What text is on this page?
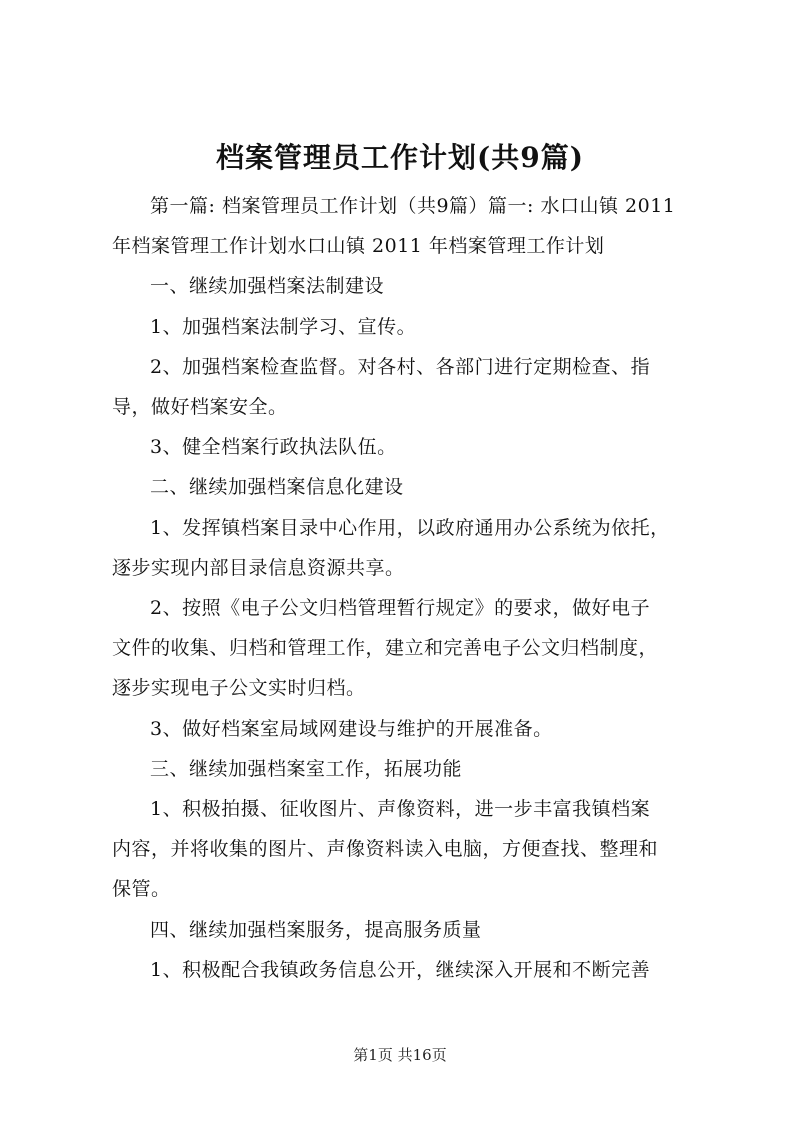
档案管理员工作计划(共9篇)
第一篇: 档案管理员工作计划（共9篇）篇一: 水口山镇 2011
年档案管理工作计划水口山镇 2011 年档案管理工作计划
一、继续加强档案法制建设
1、加强档案法制学习、宣传。
2、加强档案检查监督。对各村、各部门进行定期检查、指
导，做好档案安全。
3、健全档案行政执法队伍。
二、继续加强档案信息化建设
1、发挥镇档案目录中心作用，以政府通用办公系统为依托，
逐步实现内部目录信息资源共享。
2、按照《电子公文归档管理暂行规定》的要求，做好电子
文件的收集、归档和管理工作，建立和完善电子公文归档制度，
逐步实现电子公文实时归档。
3、做好档案室局域网建设与维护的开展准备。
三、继续加强档案室工作，拓展功能
1、积极拍摄、征收图片、声像资料，进一步丰富我镇档案
内容，并将收集的图片、声像资料读入电脑，方便查找、整理和
保管。
四、继续加强档案服务，提高服务质量
1、积极配合我镇政务信息公开，继续深入开展和不断完善
第1页 共16页
